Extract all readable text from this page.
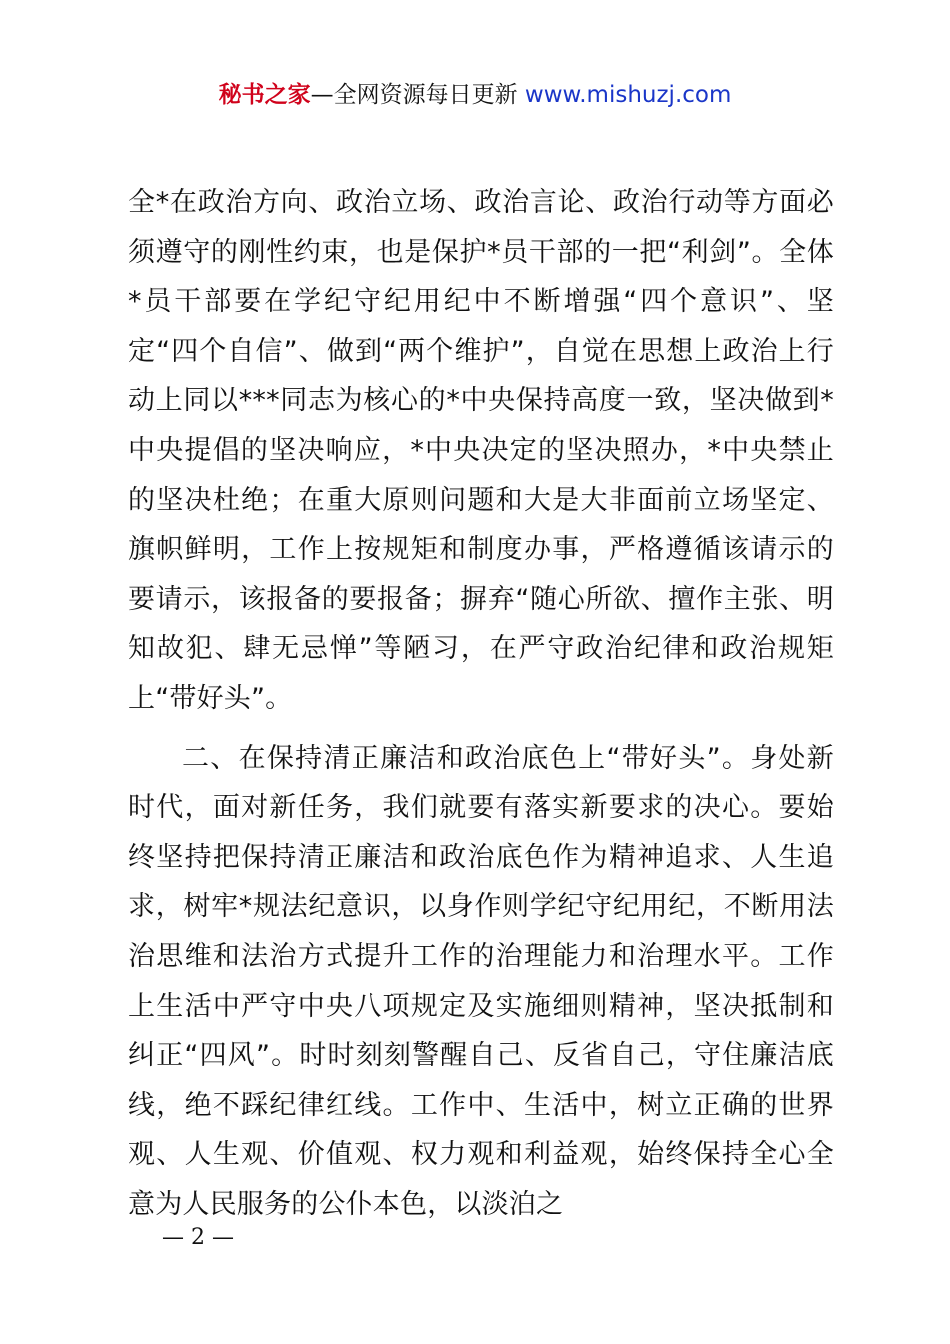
秘书之家—全网资源每日更新 www.mishuzj.com

全*在政治方向、政治立场、政治言论、政治行动等方面必须遵守的刚性约束，也是保护*员干部的一把“利剑”。全体*员干部要在学纪守纪用纪中不断增强“四个意识”、坚定“四个自信”、做到“两个维护”，自觉在思想上政治上行动上同以***同志为核心的*中央保持高度一致，坚决做到*中央提倡的坚决响应，*中央决定的坚决照办，*中央禁止的坚决杜绝；在重大原则问题和大是大非面前立场坚定、旗帜鲜明，工作上按规矩和制度办事，严格遵循该请示的要请示，该报备的要报备；摒弃“随心所欲、擅作主张、明知故犯、肆无忌惮”等陋习，在严守政治纪律和政治规矩上“带好头”。

二、在保持清正廉洁和政治底色上“带好头”。身处新时代，面对新任务，我们就要有落实新要求的决心。要始终坚持把保持清正廉洁和政治底色作为精神追求、人生追求，树牢*规法纪意识，以身作则学纪守纪用纪，不断用法治思维和法治方式提升工作的治理能力和治理水平。工作上生活中严守中央八项规定及实施细则精神，坚决抵制和纠正“四风”。时时刻刻警醒自己、反省自己，守住廉洁底线，绝不踩纪律红线。工作中、生活中，树立正确的世界观、人生观、价值观、权力观和利益观，始终保持全心全意为人民服务的公仆本色，以淡泊之

— 2 —
